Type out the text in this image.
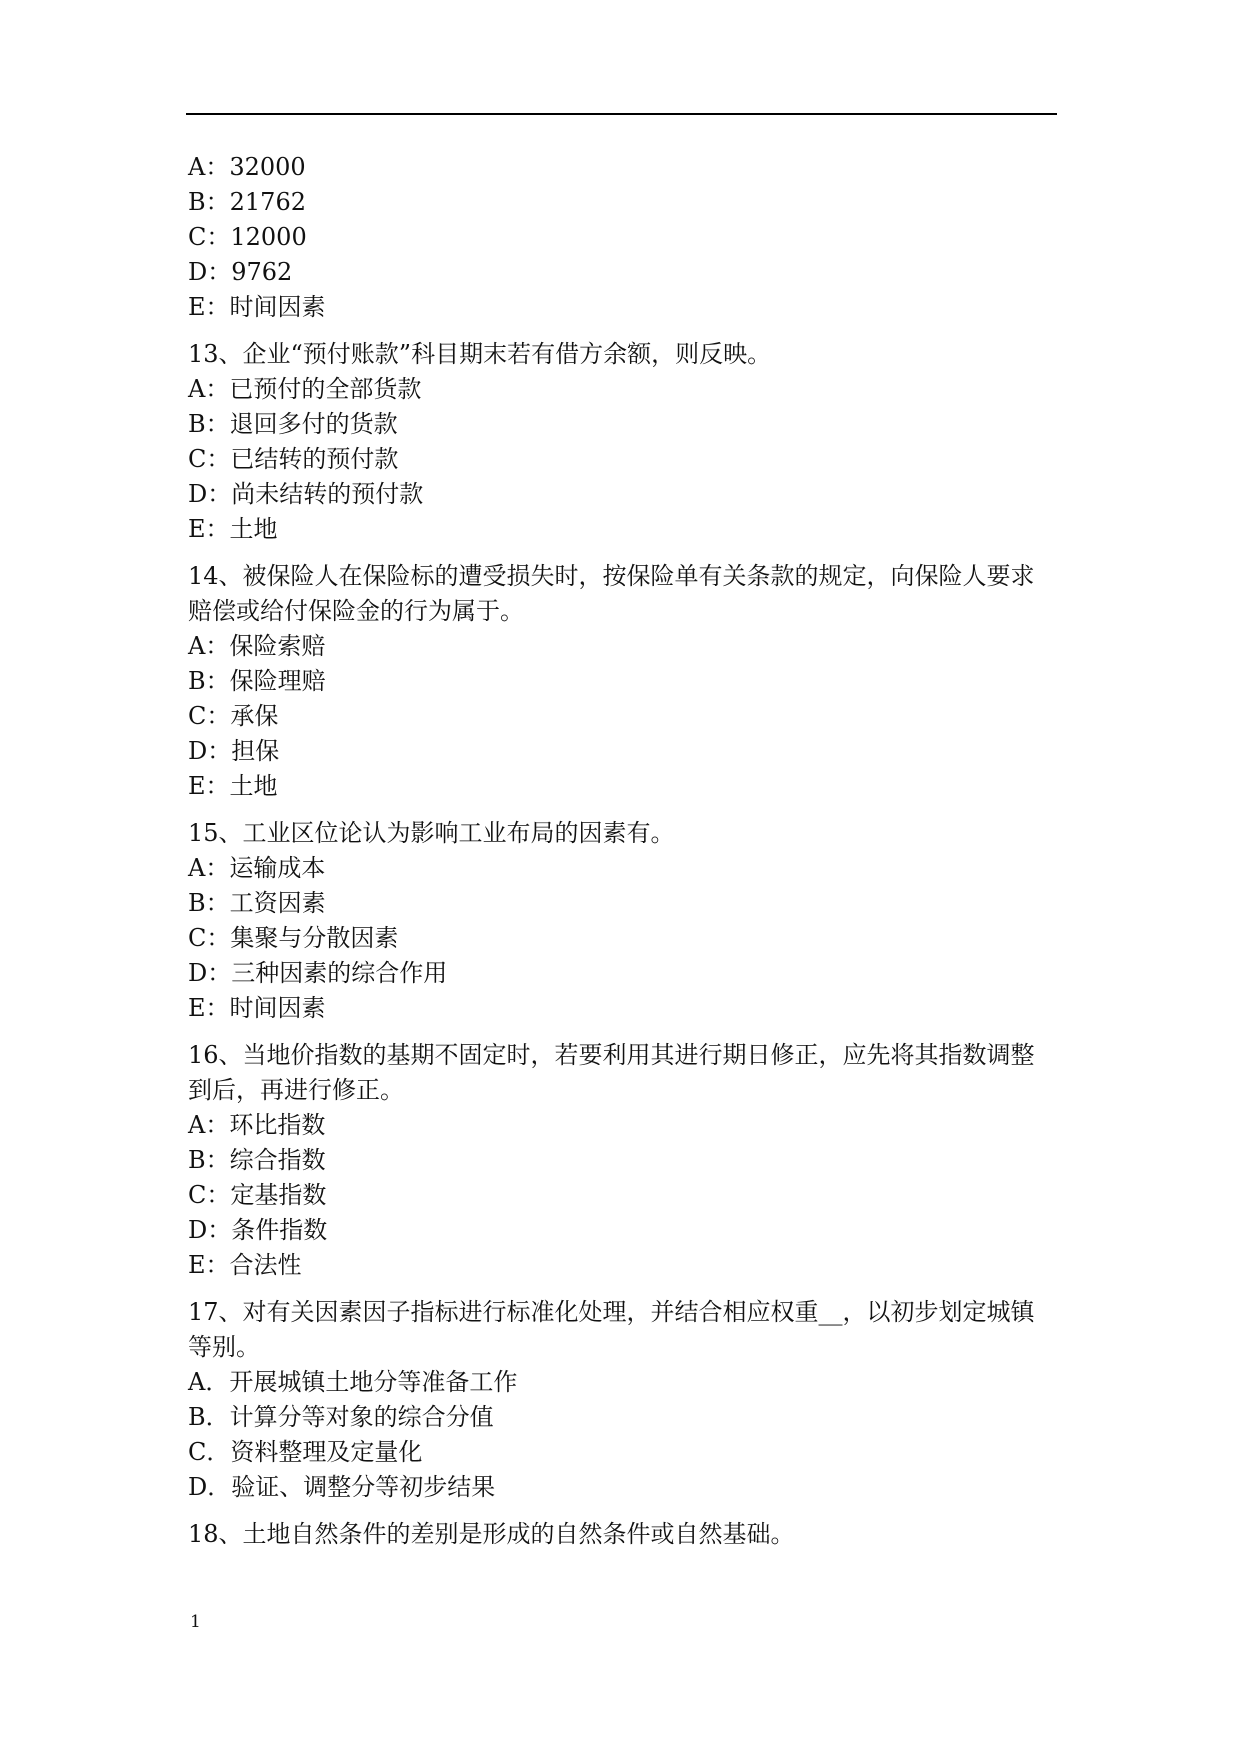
A：32000
B：21762
C：12000
D：9762
E：时间因素
13、企业“预付账款”科目期末若有借方余额，则反映。
A：已预付的全部货款
B：退回多付的货款
C：已结转的预付款
D：尚未结转的预付款
E：土地
14、被保险人在保险标的遭受损失时，按保险单有关条款的规定，向保险人要求赔偿或给付保险金的行为属于。
A：保险索赔
B：保险理赔
C：承保
D：担保
E：土地
15、工业区位论认为影响工业布局的因素有。
A：运输成本
B：工资因素
C：集聚与分散因素
D：三种因素的综合作用
E：时间因素
16、当地价指数的基期不固定时，若要利用其进行期日修正，应先将其指数调整到后，再进行修正。
A：环比指数
B：综合指数
C：定基指数
D：条件指数
E：合法性
17、对有关因素因子指标进行标准化处理，并结合相应权重__，以初步划定城镇等别。
A．开展城镇土地分等准备工作
B．计算分等对象的综合分值
C．资料整理及定量化
D．验证、调整分等初步结果
18、土地自然条件的差别是形成的自然条件或自然基础。
1
